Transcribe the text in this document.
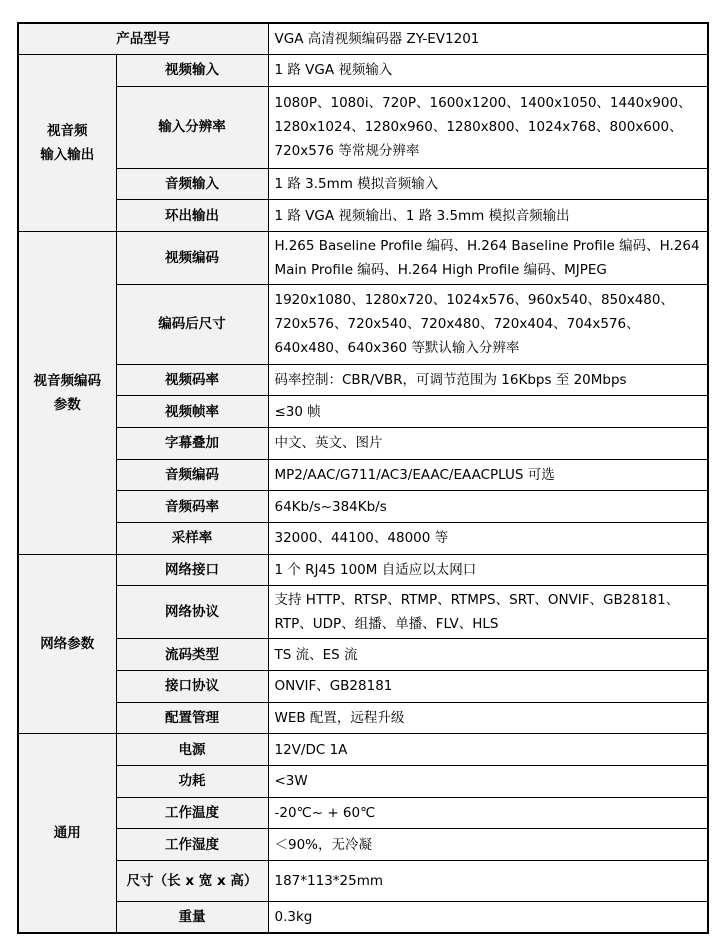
产品型号		VGA 高清视频编码器 ZY-EV1201
视音频
输入输出	视频输入	1 路 VGA 视频输入
	输入分辨率	1080P、1080i、720P、1600x1200、1400x1050、1440x900、1280x1024、1280x960、1280x800、1024x768、800x600、720x576 等常规分辨率
	音频输入	1 路 3.5mm 模拟音频输入
	环出输出	1 路 VGA 视频输出、1 路 3.5mm 模拟音频输出
视音频编码
参数	视频编码	H.265 Baseline Profile 编码、H.264 Baseline Profile 编码、H.264 Main Profile 编码、H.264 High Profile 编码、MJPEG
	编码后尺寸	1920x1080、1280x720、1024x576、960x540、850x480、720x576、720x540、720x480、720x404、704x576、640x480、640x360 等默认输入分辨率
	视频码率	码率控制：CBR/VBR，可调节范围为 16Kbps 至 20Mbps
	视频帧率	≤30 帧
	字幕叠加	中文、英文、图片
	音频编码	MP2/AAC/G711/AC3/EAAC/EAACPLUS 可选
	音频码率	64Kb/s~384Kb/s
	采样率	32000、44100、48000 等
网络参数	网络接口	1 个 RJ45 100M 自适应以太网口
	网络协议	支持 HTTP、RTSP、RTMP、RTMPS、SRT、ONVIF、GB28181、RTP、UDP、组播、单播、FLV、HLS
	流码类型	TS 流、ES 流
	接口协议	ONVIF、GB28181
	配置管理	WEB 配置，远程升级
通用	电源	12V/DC 1A
	功耗	<3W
	工作温度	-20℃~ + 60℃
	工作湿度	＜90%，无冷凝
	尺寸（长 x 宽 x 高）	187*113*25mm
	重量	0.3kg
